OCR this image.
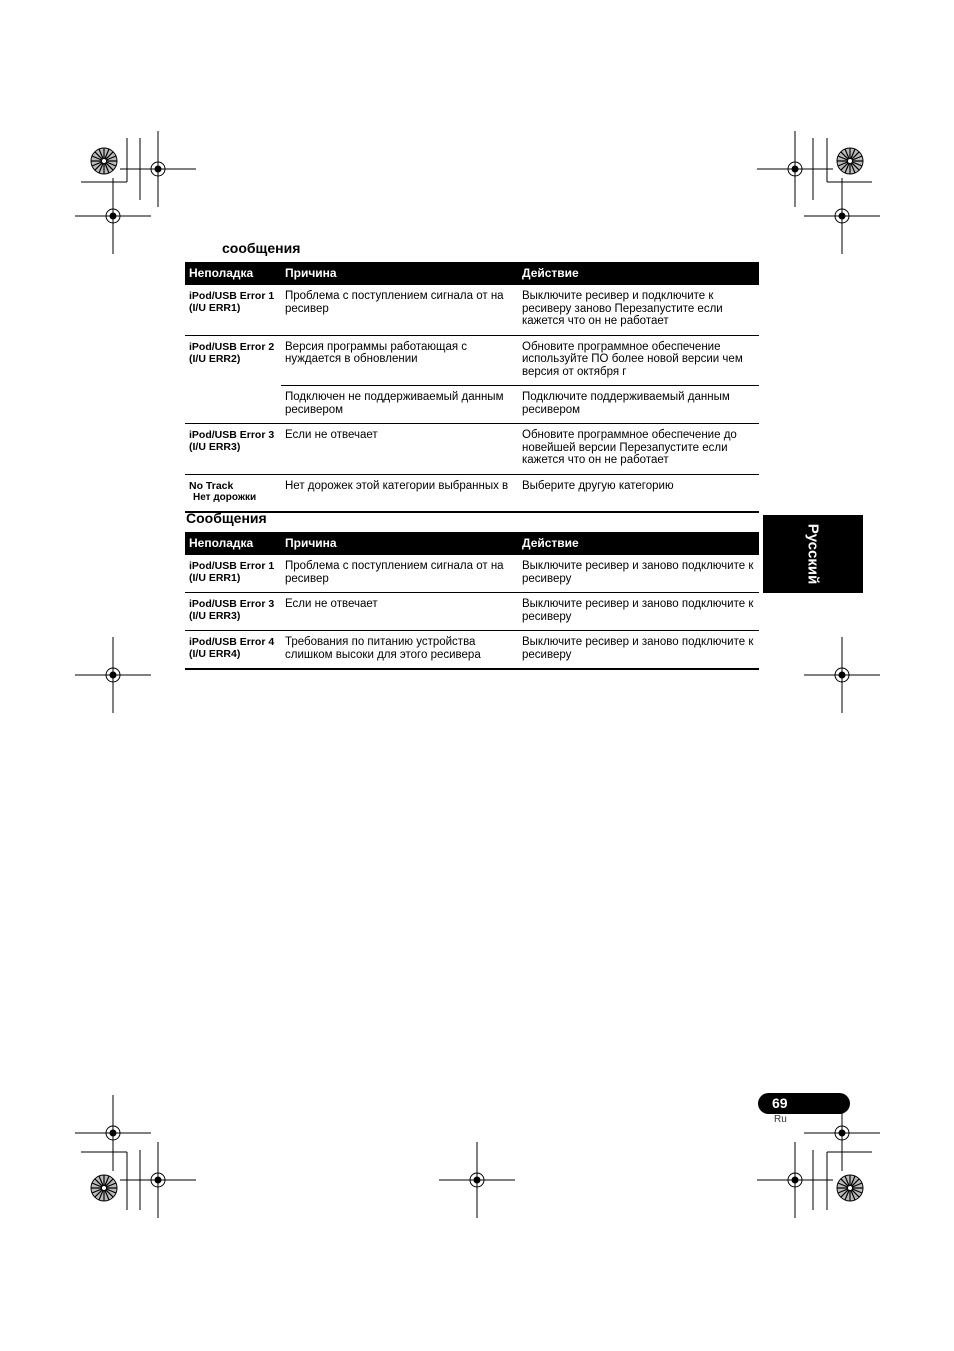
сообщения
Неполадка	Причина	Действие
iPod/USB Error 1
(I/U ERR1)	Проблема с поступлением сигнала от на ресивер	Выключите ресивер и подключите к ресиверу заново Перезапустите если кажется что он не работает
iPod/USB Error 2
(I/U ERR2)	Версия программы работающая с нуждается в обновлении	Обновите программное обеспечение используйте ПО более новой версии чем версия от октября г
	Подключен не поддерживаемый данным ресивером	Подключите поддерживаемый данным ресивером
iPod/USB Error 3
(I/U ERR3)	Если не отвечает	Обновите программное обеспечение до новейшей версии Перезапустите если кажется что он не работает
No Track
Нет дорожки	Нет дорожек этой категории выбранных в	Выберите другую категорию
Сообщения
Неполадка	Причина	Действие
iPod/USB Error 1
(I/U ERR1)	Проблема с поступлением сигнала от на ресивер	Выключите ресивер и заново подключите к ресиверу
iPod/USB Error 3
(I/U ERR3)	Если не отвечает	Выключите ресивер и заново подключите к ресиверу
iPod/USB Error 4
(I/U ERR4)	Требования по питанию устройства слишком высоки для этого ресивера	Выключите ресивер и заново подключите к ресиверу
Русский
69
Ru
